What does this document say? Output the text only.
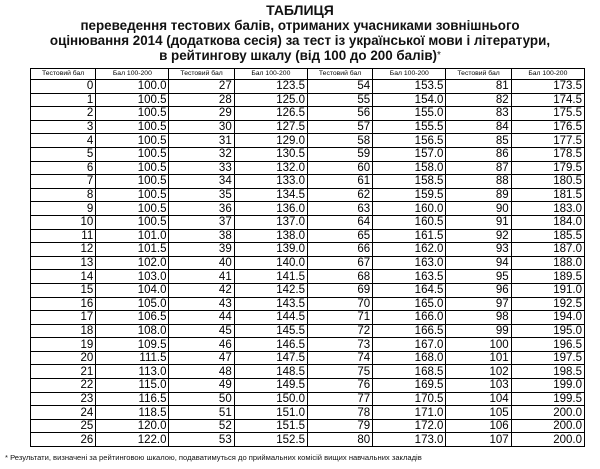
ТАБЛИЦЯ
переведення тестових балів, отриманих учасниками зовнішнього
оцінювання 2014 (додаткова сесія) за тест із української мови і літератури,
в рейтингову шкалу (від 100 до 200 балів)*
Тестовий бал	Бал 100-200	Тестовий бал	Бал 100-200	Тестовий бал	Бал 100-200	Тестовий бал	Бал 100-200
0	100.0	27	123.5	54	153.5	81	173.5
1	100.5	28	125.0	55	154.0	82	174.5
2	100.5	29	126.5	56	155.0	83	175.5
3	100.5	30	127.5	57	155.5	84	176.5
4	100.5	31	129.0	58	156.5	85	177.5
5	100.5	32	130.5	59	157.0	86	178.5
6	100.5	33	132.0	60	158.0	87	179.5
7	100.5	34	133.0	61	158.5	88	180.5
8	100.5	35	134.5	62	159.5	89	181.5
9	100.5	36	136.0	63	160.0	90	183.0
10	100.5	37	137.0	64	160.5	91	184.0
11	101.0	38	138.0	65	161.5	92	185.5
12	101.5	39	139.0	66	162.0	93	187.0
13	102.0	40	140.0	67	163.0	94	188.0
14	103.0	41	141.5	68	163.5	95	189.5
15	104.0	42	142.5	69	164.5	96	191.0
16	105.0	43	143.5	70	165.0	97	192.5
17	106.5	44	144.5	71	166.0	98	194.0
18	108.0	45	145.5	72	166.5	99	195.0
19	109.5	46	146.5	73	167.0	100	196.5
20	111.5	47	147.5	74	168.0	101	197.5
21	113.0	48	148.5	75	168.5	102	198.5
22	115.0	49	149.5	76	169.5	103	199.0
23	116.5	50	150.0	77	170.5	104	199.5
24	118.5	51	151.0	78	171.0	105	200.0
25	120.0	52	151.5	79	172.0	106	200.0
26	122.0	53	152.5	80	173.0	107	200.0
* Результати, визначені за рейтинговою шкалою, подаватимуться до приймальних комісій вищих навчальних закладів
